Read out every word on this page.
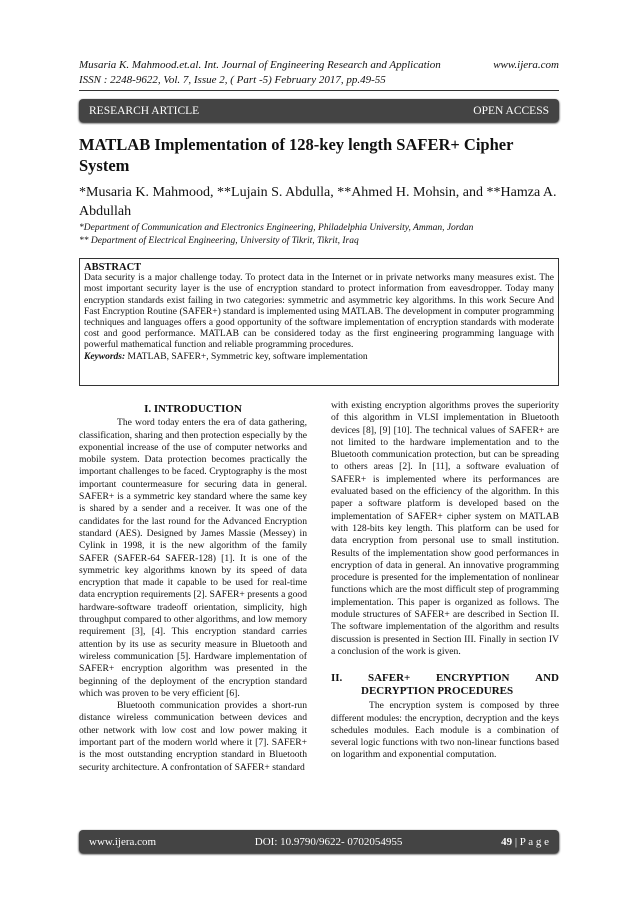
Musaria K. Mahmood.et.al. Int. Journal of Engineering Research and Application	www.ijera.com
ISSN : 2248-9622, Vol. 7, Issue 2, ( Part -5) February 2017, pp.49-55
RESEARCH ARTICLE	OPEN ACCESS
MATLAB Implementation of 128-key length SAFER+ Cipher System
*Musaria K. Mahmood, **Lujain S. Abdulla, **Ahmed H. Mohsin, and **Hamza A. Abdullah
*Department of Communication and Electronics Engineering, Philadelphia University, Amman, Jordan
** Department of Electrical Engineering, University of Tikrit, Tikrit, Iraq
ABSTRACT
Data security is a major challenge today. To protect data in the Internet or in private networks many measures exist. The most important security layer is the use of encryption standard to protect information from eavesdropper. Today many encryption standards exist failing in two categories: symmetric and asymmetric key algorithms. In this work Secure And Fast Encryption Routine (SAFER+) standard is implemented using MATLAB. The development in computer programming techniques and languages offers a good opportunity of the software implementation of encryption standards with moderate cost and good performance. MATLAB can be considered today as the first engineering programming language with powerful mathematical function and reliable programming procedures.
Keywords: MATLAB, SAFER+, Symmetric key, software implementation
I. INTRODUCTION

The word today enters the era of data gathering, classification, sharing and then protection especially by the exponential increase of the use of computer networks and mobile system. Data protection becomes practically the important challenges to be faced. Cryptography is the most important countermeasure for securing data in general. SAFER+ is a symmetric key standard where the same key is shared by a sender and a receiver. It was one of the candidates for the last round for the Advanced Encryption standard (AES). Designed by James Massie (Messey) in Cylink in 1998, it is the new algorithm of the family SAFER (SAFER-64 SAFER-128) [1]. It is one of the symmetric key algorithms known by its speed of data encryption that made it capable to be used for real-time data encryption requirements [2]. SAFER+ presents a good hardware-software tradeoff orientation, simplicity, high throughput compared to other algorithms, and low memory requirement [3], [4]. This encryption standard carries attention by its use as security measure in Bluetooth and wireless communication [5]. Hardware implementation of SAFER+ encryption algorithm was presented in the beginning of the deployment of the encryption standard which was proven to be very efficient [6].

Bluetooth communication provides a short-run distance wireless communication between devices and other network with low cost and low power making it important part of the modern world where it [7]. SAFER+ is the most outstanding encryption standard in Bluetooth security architecture. A confrontation of SAFER+ standard

with existing encryption algorithms proves the superiority of this algorithm in VLSI implementation in Bluetooth devices [8], [9] [10]. The technical values of SAFER+ are not limited to the hardware implementation and to the Bluetooth communication protection, but can be spreading to others areas [2]. In [11], a software evaluation of SAFER+ is implemented where its performances are evaluated based on the efficiency of the algorithm. In this paper a software platform is developed based on the implementation of SAFER+ cipher system on MATLAB with 128-bits key length. This platform can be used for data encryption from personal use to small institution. Results of the implementation show good performances in encryption of data in general. An innovative programming procedure is presented for the implementation of nonlinear functions which are the most difficult step of programming implementation. This paper is organized as follows. The module structures of SAFER+ are described in Section II. The software implementation of the algorithm and results discussion is presented in Section III. Finally in section IV a conclusion of the work is given.

II. SAFER+ ENCRYPTION AND
DECRYPTION PROCEDURES

The encryption system is composed by three different modules: the encryption, decryption and the keys schedules modules. Each module is a combination of several logic functions with two non-linear functions based on logarithm and exponential computation.

www.ijera.com	DOI: 10.9790/9622- 0702054955	49 | P a g e
